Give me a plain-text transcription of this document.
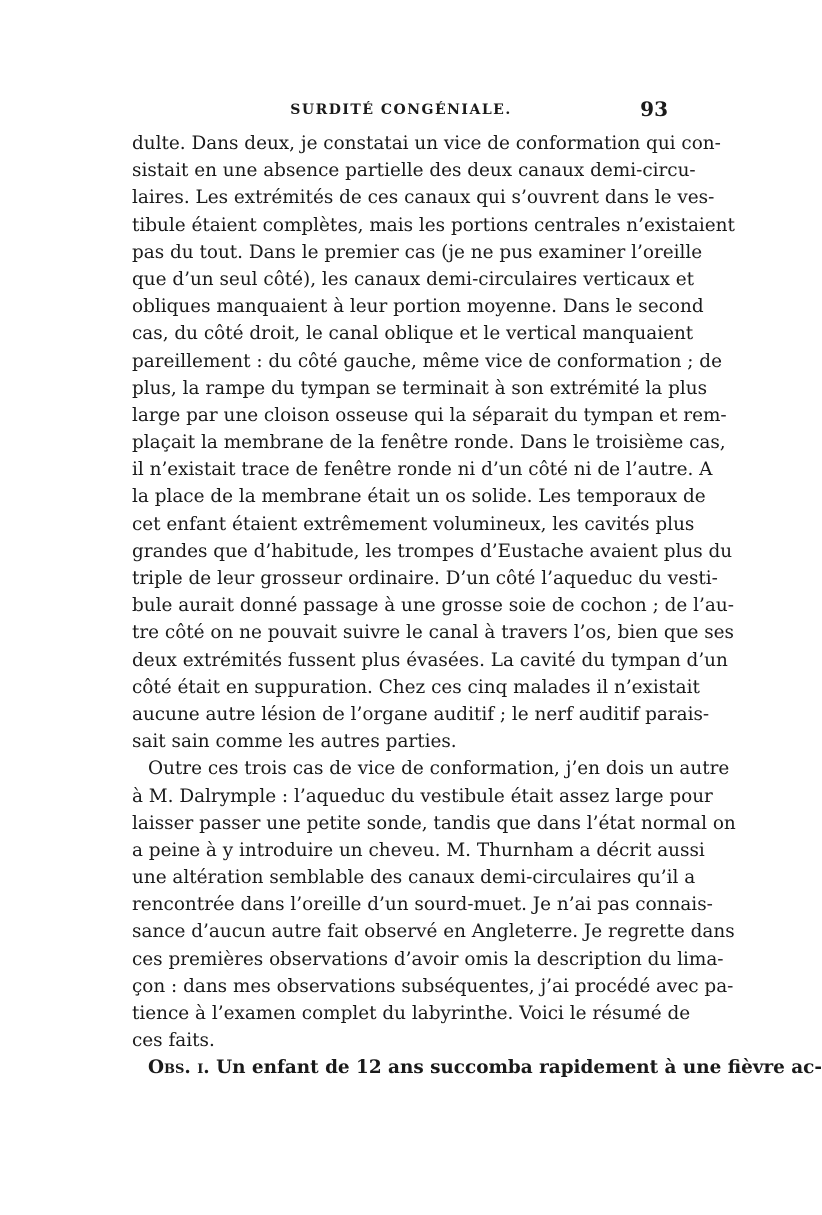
SURDITÉ CONGÉNIALE.	93
dulte. Dans deux, je constatai un vice de conformation qui con-
sistait en une absence partielle des deux canaux demi-circu-
laires. Les extrémités de ces canaux qui s’ouvrent dans le ves-
tibule étaient complètes, mais les portions centrales n’existaient
pas du tout. Dans le premier cas (je ne pus examiner l’oreille
que d’un seul côté), les canaux demi-circulaires verticaux et
obliques manquaient à leur portion moyenne. Dans le second
cas, du côté droit, le canal oblique et le vertical manquaient
pareillement : du côté gauche, même vice de conformation ; de
plus, la rampe du tympan se terminait à son extrémité la plus
large par une cloison osseuse qui la séparait du tympan et rem-
plaçait la membrane de la fenêtre ronde. Dans le troisième cas,
il n’existait trace de fenêtre ronde ni d’un côté ni de l’autre. A
la place de la membrane était un os solide. Les temporaux de
cet enfant étaient extrêmement volumineux, les cavités plus
grandes que d’habitude, les trompes d’Eustache avaient plus du
triple de leur grosseur ordinaire. D’un côté l’aqueduc du vesti-
bule aurait donné passage à une grosse soie de cochon ; de l’au-
tre côté on ne pouvait suivre le canal à travers l’os, bien que ses
deux extrémités fussent plus évasées. La cavité du tympan d’un
côté était en suppuration. Chez ces cinq malades il n’existait
aucune autre lésion de l’organe auditif ; le nerf auditif parais-
sait sain comme les autres parties.
Outre ces trois cas de vice de conformation, j’en dois un autre
à M. Dalrymple : l’aqueduc du vestibule était assez large pour
laisser passer une petite sonde, tandis que dans l’état normal on
a peine à y introduire un cheveu. M. Thurnham a décrit aussi
une altération semblable des canaux demi-circulaires qu’il a
rencontrée dans l’oreille d’un sourd-muet. Je n’ai pas connais-
sance d’aucun autre fait observé en Angleterre. Je regrette dans
ces premières observations d’avoir omis la description du lima-
çon : dans mes observations subséquentes, j’ai procédé avec pa-
tience à l’examen complet du labyrinthe. Voici le résumé de
ces faits.
Obs. i. Un enfant de 12 ans succomba rapidement à une fièvre ac-
